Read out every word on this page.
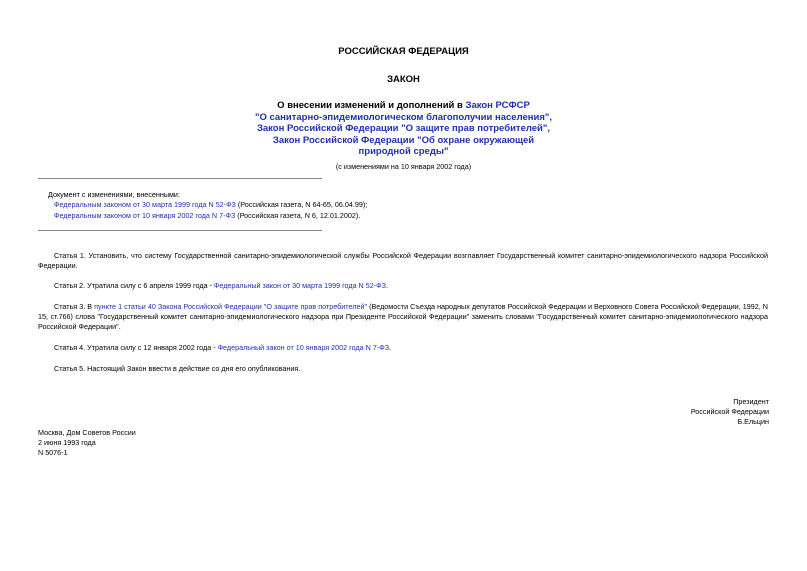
РОССИЙСКАЯ ФЕДЕРАЦИЯ
ЗАКОН
О внесении изменений и дополнений в Закон РСФСР
"О санитарно-эпидемиологическом благополучии населения",
Закон Российской Федерации "О защите прав потребителей",
Закон Российской Федерации "Об охране окружающей
природной среды"
(с изменениями на 10 января 2002 года)
Документ с изменениями, внесенными:
Федеральным законом от 30 марта 1999 года N 52-ФЗ (Российская газета, N 64-65, 06.04.99);
Федеральным законом от 10 января 2002 года N 7-ФЗ (Российская газета, N 6, 12.01.2002).
Статья 1. Установить, что систему Государственной санитарно-эпидемиологической службы Российской Федерации возглавляет Государственный комитет санитарно-эпидемиологического надзора Российской Федерации.
Статья 2. Утратила силу с 6 апреля 1999 года - Федеральный закон от 30 марта 1999 года N 52-ФЗ.
Статья 3. В пункте 1 статьи 40 Закона Российской Федерации "О защите прав потребителей" (Ведомости Съезда народных депутатов Российской Федерации и Верховного Совета Российской Федерации, 1992, N 15, ст.766) слова "Государственный комитет санитарно-эпидемиологического надзора при Президенте Российской Федерации" заменить словами "Государственный комитет санитарно-эпидемиологического надзора Российской Федерации".
Статья 4. Утратила силу с 12 января 2002 года - Федеральный закон от 10 января 2002 года N 7-ФЗ.
Статья 5. Настоящий Закон ввести в действие со дня его опубликования.
Президент
Российской Федерации
Б.Ельцин
Москва, Дом Советов России
2 июня 1993 года
N 5076-1
